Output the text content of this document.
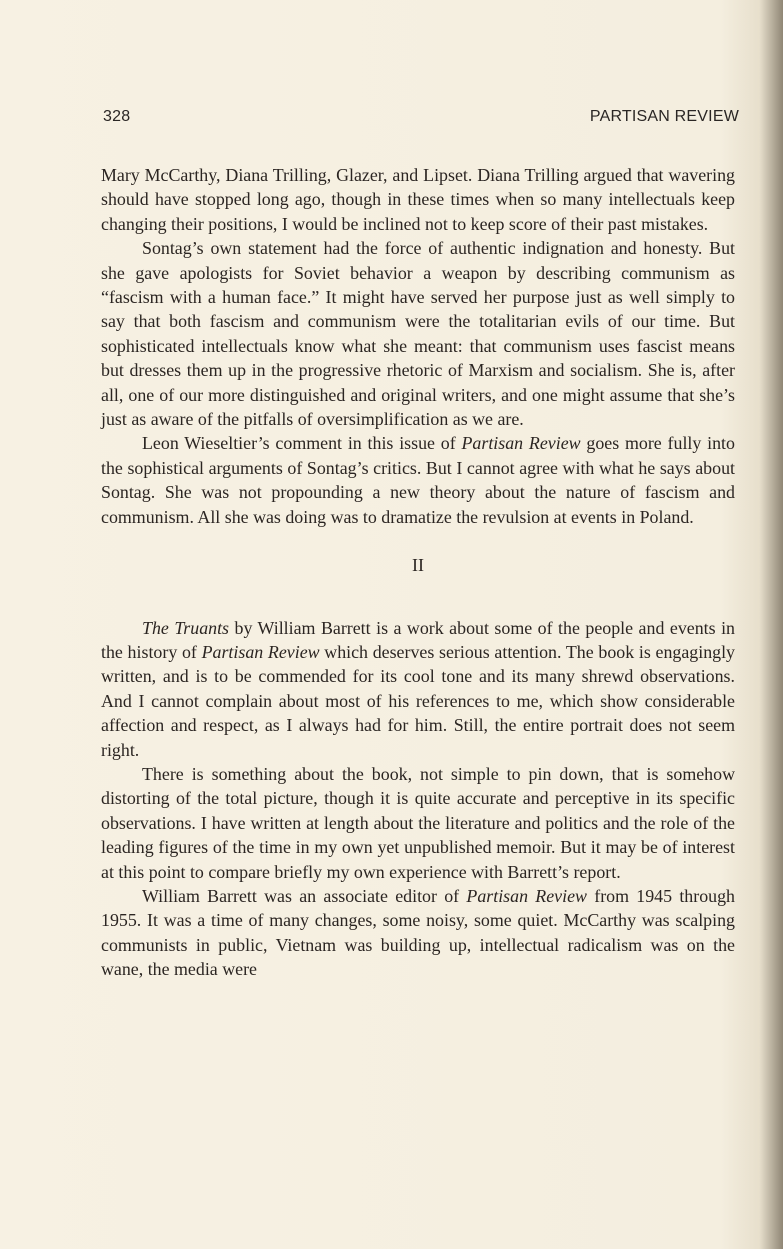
328	PARTISAN REVIEW

Mary McCarthy, Diana Trilling, Glazer, and Lipset. Diana Trilling argued that wavering should have stopped long ago, though in these times when so many intellectuals keep changing their positions, I would be inclined not to keep score of their past mistakes.

Sontag’s own statement had the force of authentic indignation and honesty. But she gave apologists for Soviet behavior a weapon by describing communism as “fascism with a human face.” It might have served her purpose just as well simply to say that both fascism and communism were the totalitarian evils of our time. But sophisticated intellectuals know what she meant: that communism uses fascist means but dresses them up in the progressive rhetoric of Marxism and socialism. She is, after all, one of our more distinguished and original writers, and one might assume that she’s just as aware of the pitfalls of oversimplification as we are.

Leon Wieseltier’s comment in this issue of Partisan Review goes more fully into the sophistical arguments of Sontag’s critics. But I cannot agree with what he says about Sontag. She was not propounding a new theory about the nature of fascism and communism. All she was doing was to dramatize the revulsion at events in Poland.

II

The Truants by William Barrett is a work about some of the people and events in the history of Partisan Review which deserves serious attention. The book is engagingly written, and is to be commended for its cool tone and its many shrewd observations. And I cannot complain about most of his references to me, which show considerable affection and respect, as I always had for him. Still, the entire portrait does not seem right.

There is something about the book, not simple to pin down, that is somehow distorting of the total picture, though it is quite accurate and perceptive in its specific observations. I have written at length about the literature and politics and the role of the leading figures of the time in my own yet unpublished memoir. But it may be of interest at this point to compare briefly my own experience with Barrett’s report.

William Barrett was an associate editor of Partisan Review from 1945 through 1955. It was a time of many changes, some noisy, some quiet. McCarthy was scalping communists in public, Vietnam was building up, intellectual radicalism was on the wane, the media were
